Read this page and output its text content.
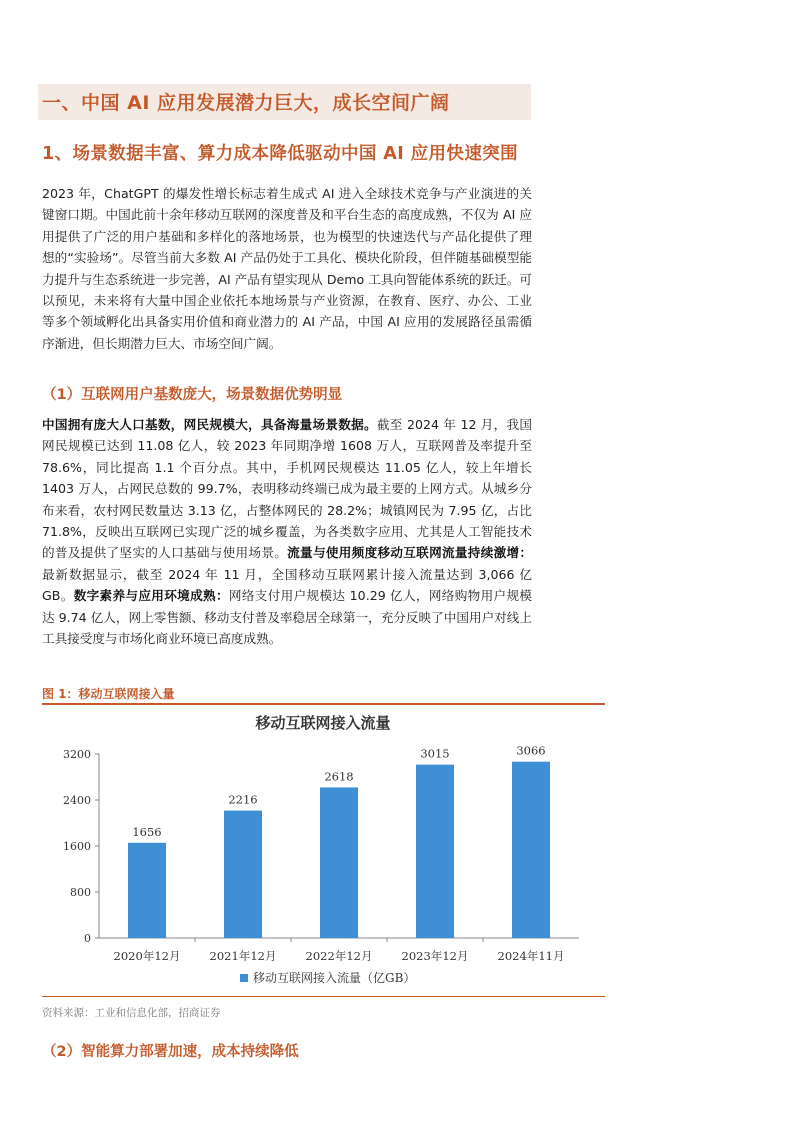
一、中国 AI 应用发展潜力巨大，成长空间广阔
1、场景数据丰富、算力成本降低驱动中国 AI 应用快速突围
2023 年，ChatGPT 的爆发性增长标志着生成式 AI 进入全球技术竞争与产业演进的关键窗口期。中国此前十余年移动互联网的深度普及和平台生态的高度成熟，不仅为 AI 应用提供了广泛的用户基础和多样化的落地场景，也为模型的快速迭代与产品化提供了理想的“实验场”。尽管当前大多数 AI 产品仍处于工具化、模块化阶段，但伴随基础模型能力提升与生态系统进一步完善，AI 产品有望实现从 Demo 工具向智能体系统的跃迁。可以预见，未来将有大量中国企业依托本地场景与产业资源，在教育、医疗、办公、工业等多个领域孵化出具备实用价值和商业潜力的 AI 产品，中国 AI 应用的发展路径虽需循序渐进，但长期潜力巨大、市场空间广阔。
（1）互联网用户基数庞大，场景数据优势明显
中国拥有庞大人口基数，网民规模大，具备海量场景数据。截至 2024 年 12 月，我国网民规模已达到 11.08 亿人，较 2023 年同期净增 1608 万人，互联网普及率提升至 78.6%，同比提高 1.1 个百分点。其中，手机网民规模达 11.05 亿人，较上年增长 1403 万人，占网民总数的 99.7%，表明移动终端已成为最主要的上网方式。从城乡分布来看，农村网民数量达 3.13 亿，占整体网民的 28.2%；城镇网民为 7.95 亿，占比 71.8%，反映出互联网已实现广泛的城乡覆盖，为各类数字应用、尤其是人工智能技术的普及提供了坚实的人口基础与使用场景。流量与使用频度移动互联网流量持续激增：最新数据显示，截至 2024 年 11 月，全国移动互联网累计接入流量达到 3,066 亿 GB。数字素养与应用环境成熟：网络支付用户规模达 10.29 亿人，网络购物用户规模达 9.74 亿人，网上零售额、移动支付普及率稳居全球第一，充分反映了中国用户对线上工具接受度与市场化商业环境已高度成熟。
图 1：移动互联网接入量
移动互联网接入流量
0
800
1600
2400
3200
1656
2020年12月
2216
2021年12月
2618
2022年12月
3015
2023年12月
3066
2024年11月
移动互联网接入流量（亿GB）
资料来源：工业和信息化部，招商证券
（2）智能算力部署加速，成本持续降低
